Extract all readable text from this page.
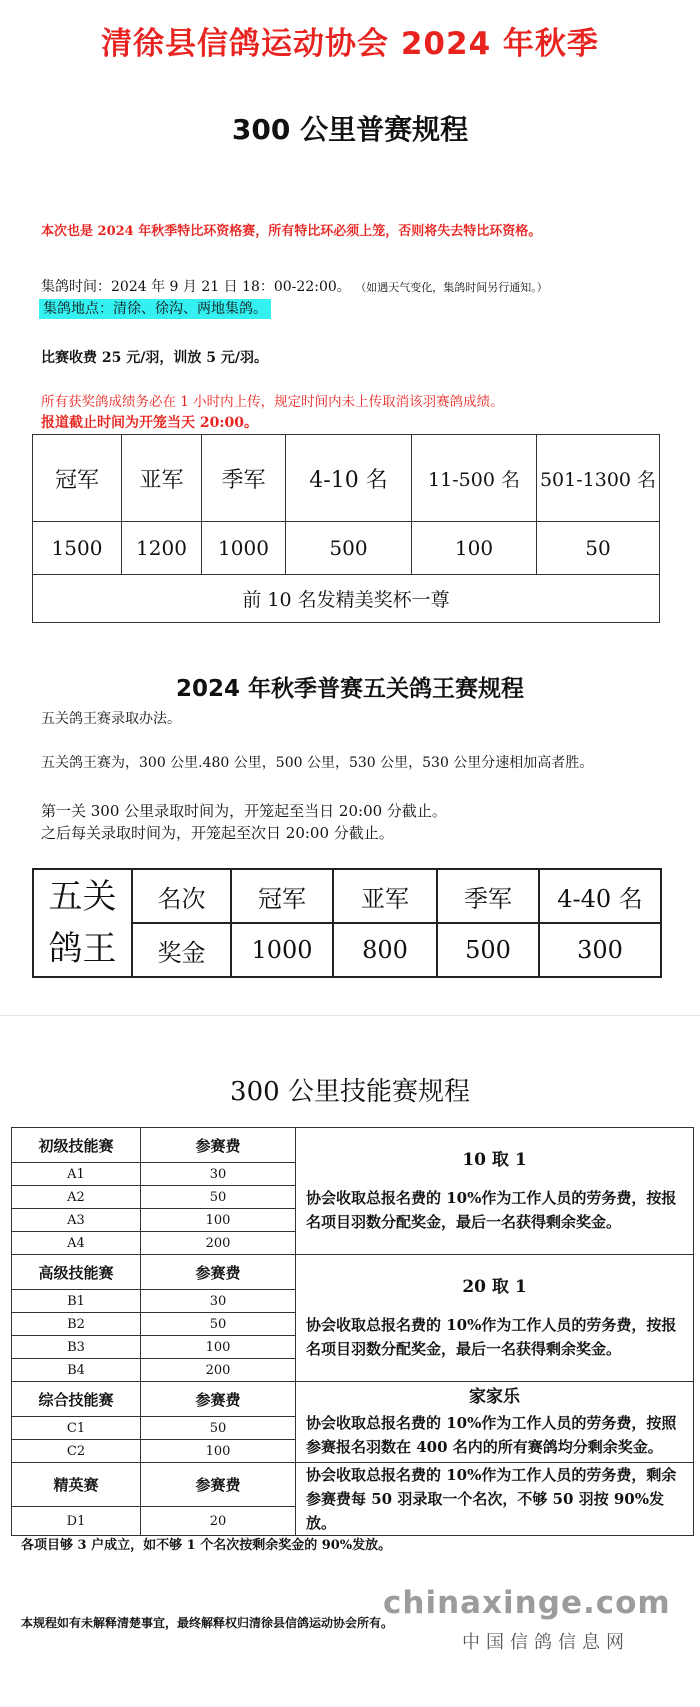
清徐县信鸽运动协会 2024 年秋季
300 公里普赛规程
本次也是 2024 年秋季特比环资格赛，所有特比环必须上笼，否则将失去特比环资格。
集鸽时间：2024 年 9 月 21 日 18：00-22:00。 （如遇天气变化，集鸽时间另行通知。）
集鸽地点：清徐、徐沟、两地集鸽。
比赛收费 25 元/羽，训放 5 元/羽。
所有获奖鸽成绩务必在 1 小时内上传，规定时间内未上传取消该羽赛鸽成绩。
报道截止时间为开笼当天 20:00。
冠军	亚军	季军	4-10 名	11-500 名	501-1300 名
1500	1200	1000	500	100	50
前 10 名发精美奖杯一尊					
2024 年秋季普赛五关鸽王赛规程
五关鸽王赛录取办法。
五关鸽王赛为，300 公里.480 公里，500 公里，530 公里，530 公里分速相加高者胜。
第一关 300 公里录取时间为，开笼起至当日 20:00 分截止。
之后每关录取时间为，开笼起至次日 20:00 分截止。
五关
鸽王	名次	冠军	亚军	季军	4-40 名
	奖金	1000	800	500	300
300 公里技能赛规程
初级技能赛	参赛费	10 取 1
协会收取总报名费的 10%作为工作人员的劳务费，按报名项目羽数分配奖金，最后一名获得剩余奖金。

A1	30	
A2	50	
A3	100	
A4	200	
高级技能赛	参赛费	20 取 1
协会收取总报名费的 10%作为工作人员的劳务费，按报名项目羽数分配奖金，最后一名获得剩余奖金。

B1	30	
B2	50	
B3	100	
B4	200	
综合技能赛	参赛费	家家乐
协会收取总报名费的 10%作为工作人员的劳务费，按照参赛报名羽数在 400 名内的所有赛鸽均分剩余奖金。

C1	50	
C2	100	
精英赛	参赛费	协会收取总报名费的 10%作为工作人员的劳务费，剩余参赛费每 50 羽录取一个名次，不够 50 羽按 90%发放。

D1	20	
各项目够 3 户成立，如不够 1 个名次按剩余奖金的 90%发放。
本规程如有未解释清楚事宜，最终解释权归清徐县信鸽运动协会所有。
chinaxinge.com
中国信鸽信息网
